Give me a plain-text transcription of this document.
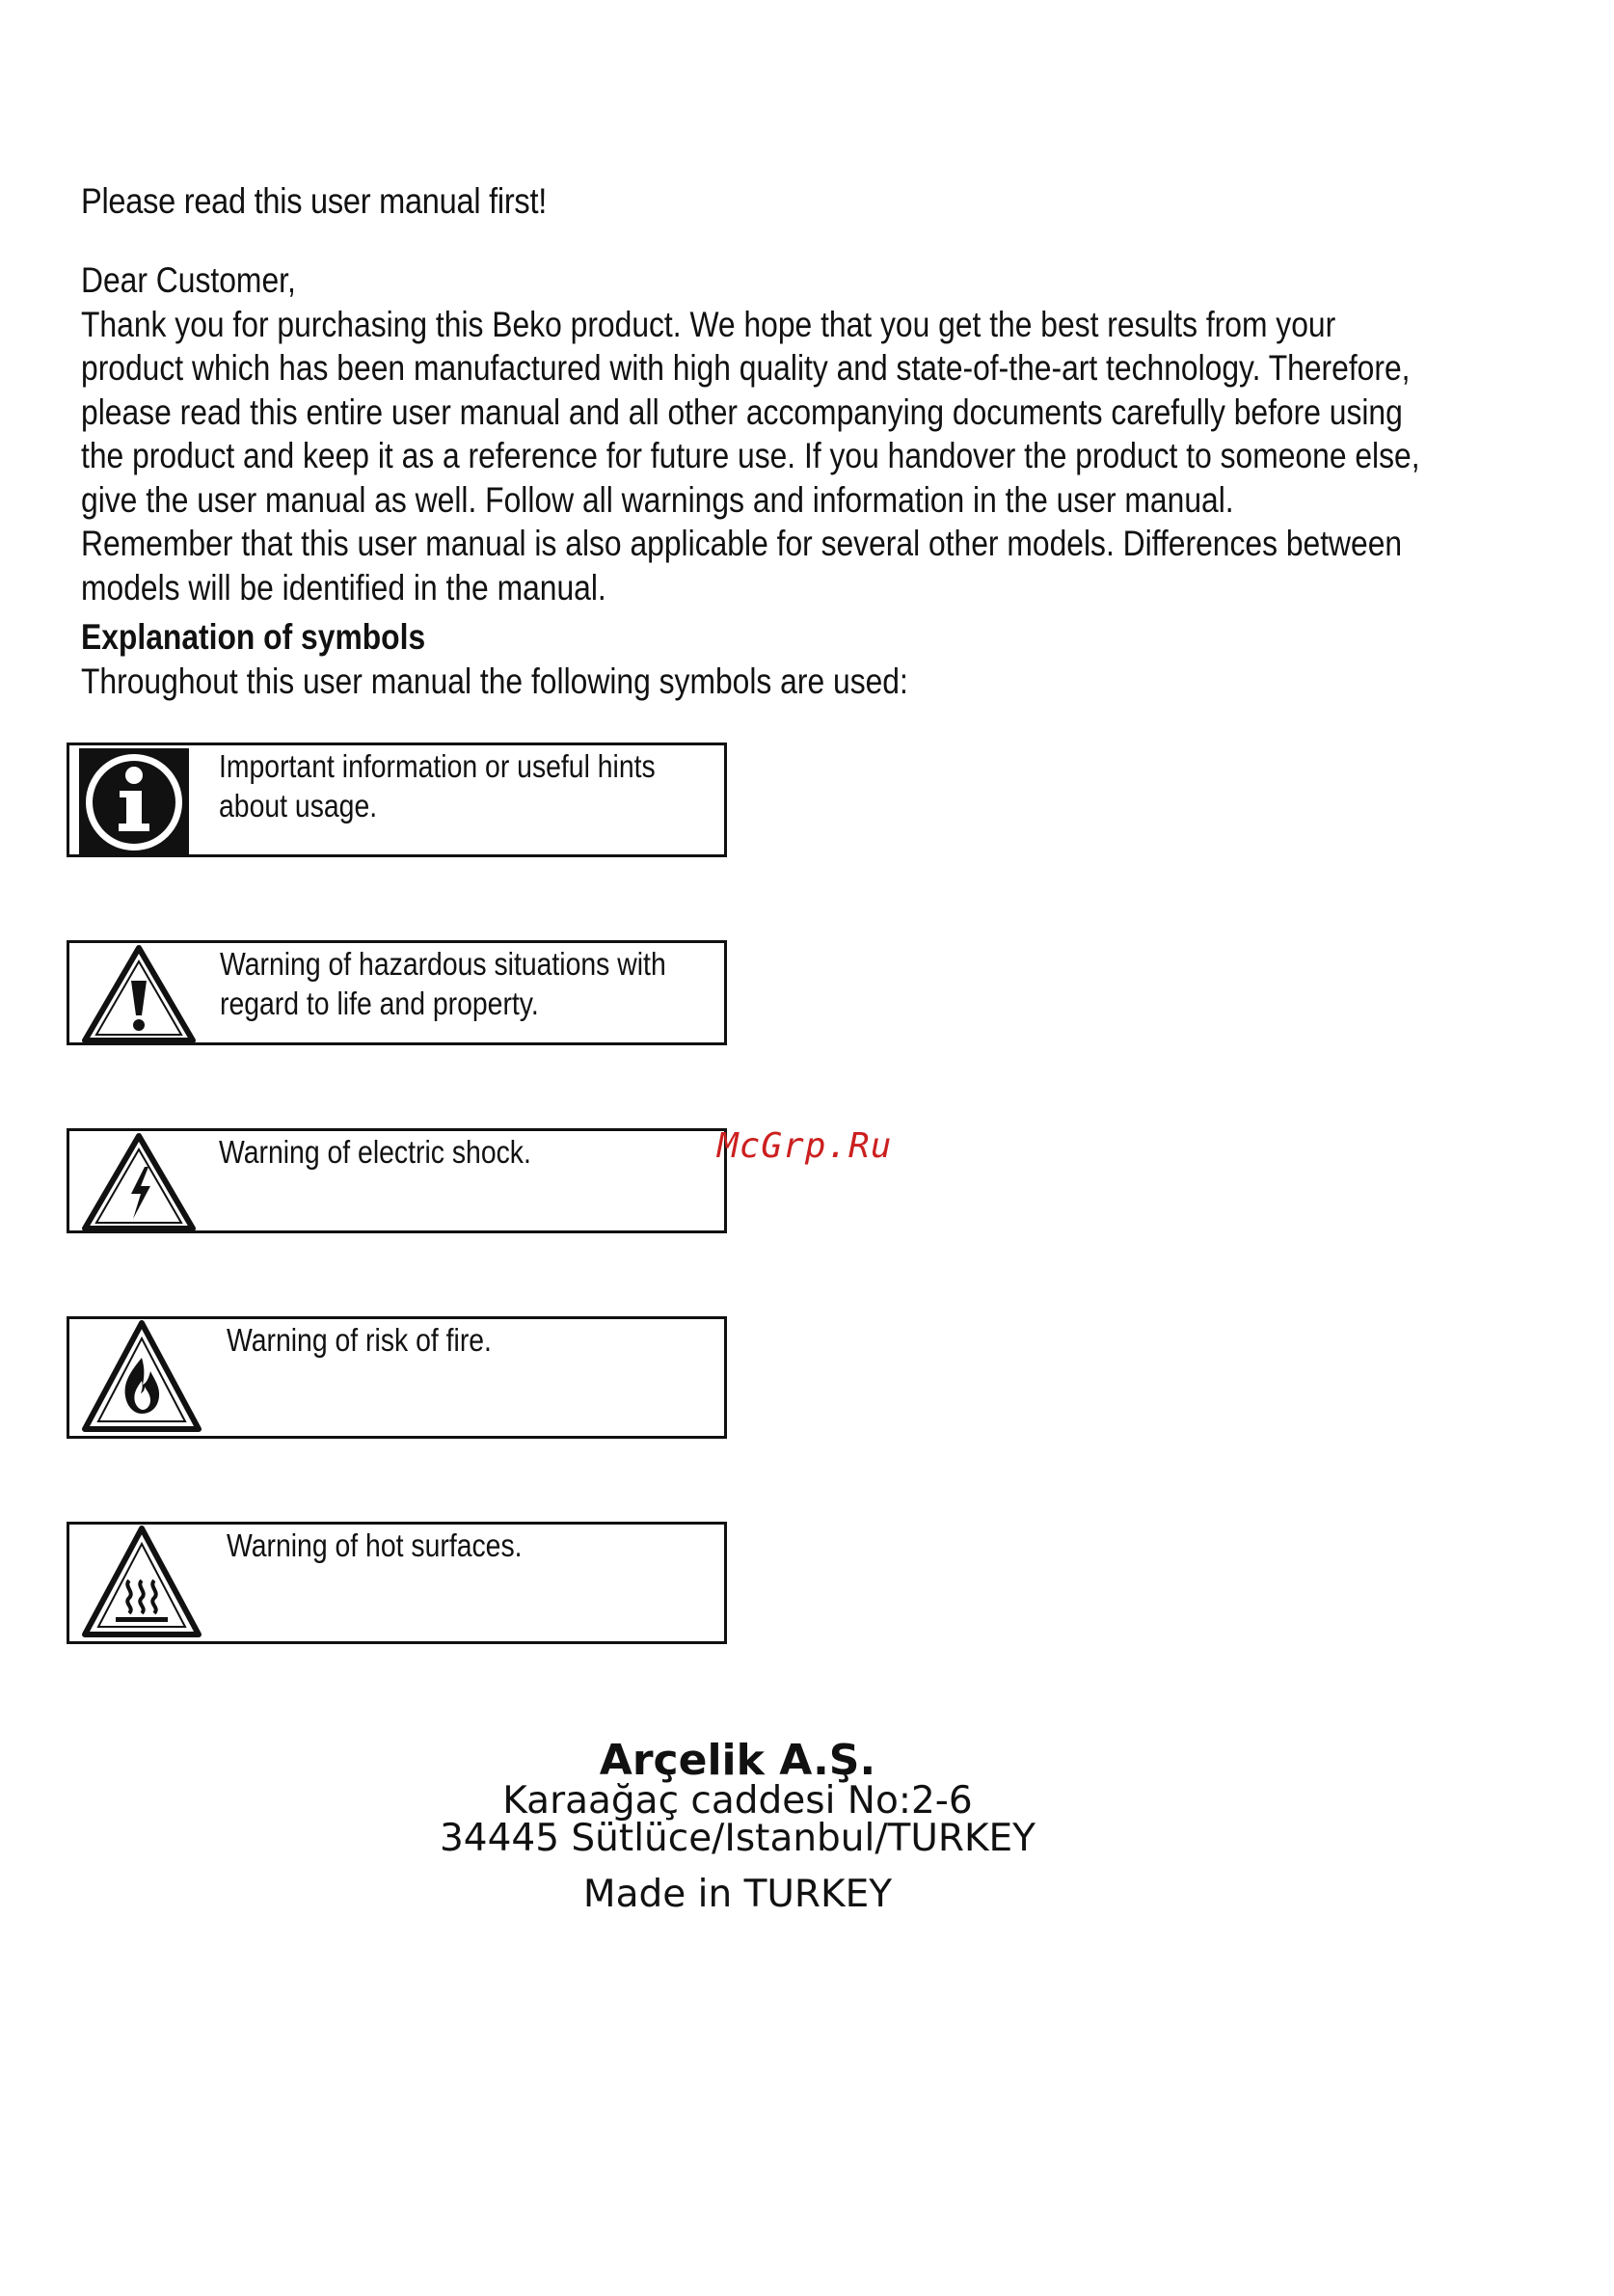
Please read this user manual first!

Dear Customer,

Thank you for purchasing this Beko product. We hope that you get the best results from your product which has been manufactured with high quality and state-of-the-art technology. Therefore, please read this entire user manual and all other accompanying documents carefully before using the product and keep it as a reference for future use. If you handover the product to someone else, give the user manual as well. Follow all warnings and information in the user manual.

Remember that this user manual is also applicable for several other models. Differences between models will be identified in the manual.

Explanation of symbols
Throughout this user manual the following symbols are used:
Important information or useful hints
about usage.
Warning of hazardous situations with
regard to life and property.
Warning of electric shock.
Warning of risk of fire.
Warning of hot surfaces.
McGrp.Ru
Arçelik A.Ş.
Karaağaç caddesi No:2-6
34445 Sütlüce/Istanbul/TURKEY
Made in TURKEY
